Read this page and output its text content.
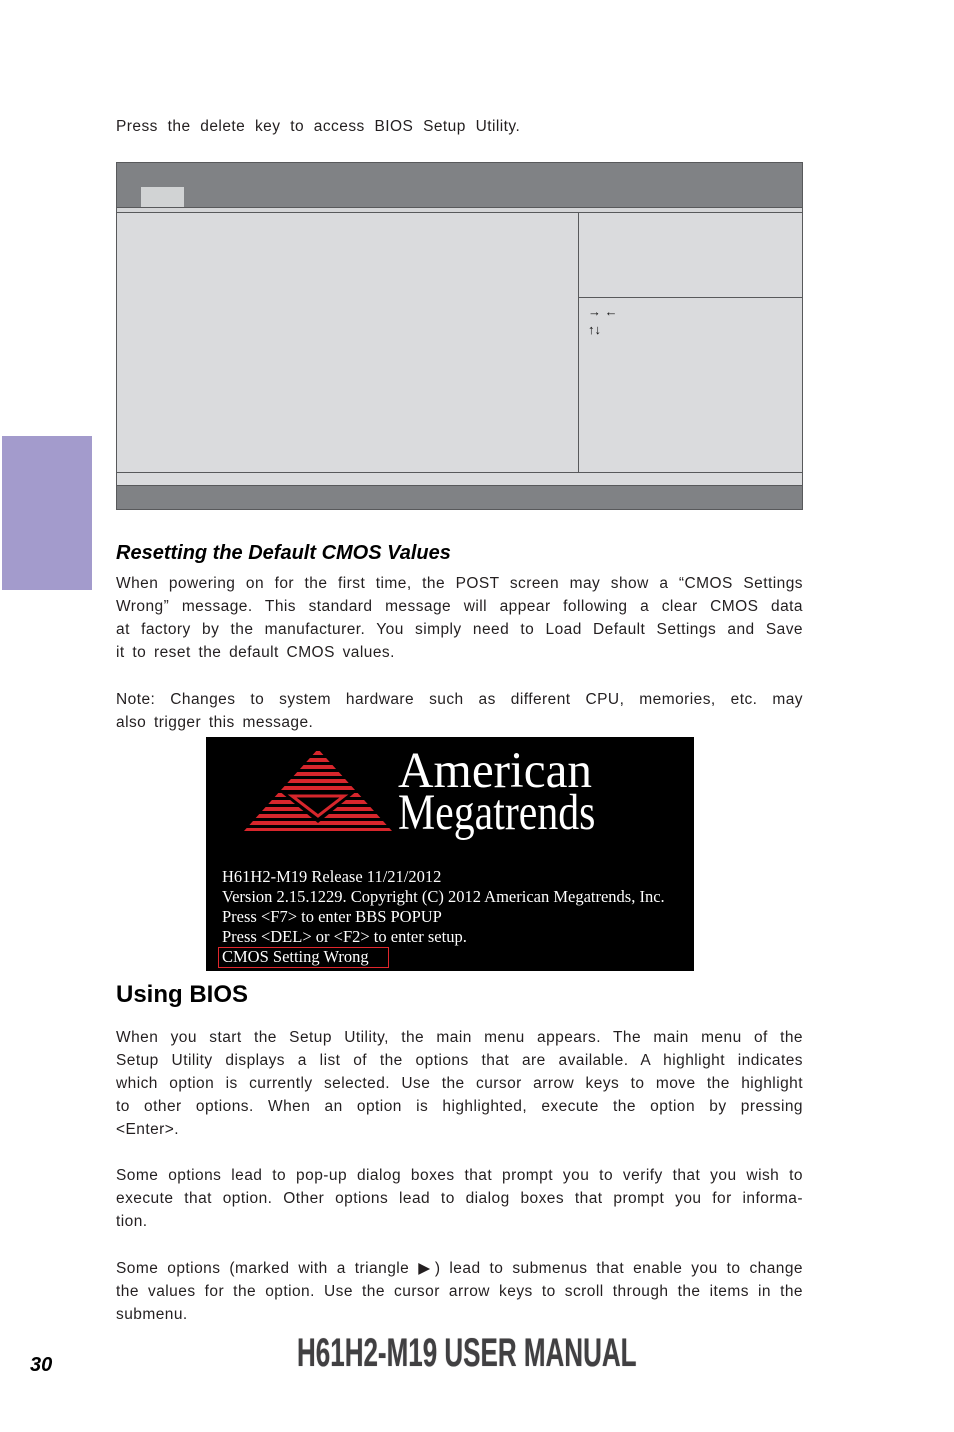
Press the delete key to access BIOS Setup Utility.
→ ←
↑↓
Resetting the Default CMOS Values
When powering on for the first time, the POST screen may show a “CMOS Settings
Wrong” message. This standard message will appear following a clear CMOS data
at factory by the manufacturer. You simply need to Load Default Settings and Save
it to reset the default CMOS values.
Note: Changes to system hardware such as different CPU, memories, etc. may
also trigger this message.
American
Megatrends
H61H2-M19 Release 11/21/2012
Version 2.15.1229. Copyright (C) 2012 American Megatrends, Inc.
Press <F7> to enter BBS POPUP
Press <DEL> or <F2> to enter setup.
CMOS Setting Wrong
Using BIOS
When you start the Setup Utility, the main menu appears. The main menu of the
Setup Utility displays a list of the options that are available. A highlight indicates
which option is currently selected. Use the cursor arrow keys to move the highlight
to other options. When an option is highlighted, execute the option by pressing
<Enter>.
Some options lead to pop-up dialog boxes that prompt you to verify that you wish to
execute that option. Other options lead to dialog boxes that prompt you for informa-
tion.
Some options (marked with a triangle ▶) lead to submenus that enable you to change
the values for the option. Use the cursor arrow keys to scroll through the items in the
submenu.
30	H61H2-M19 USER MANUAL
